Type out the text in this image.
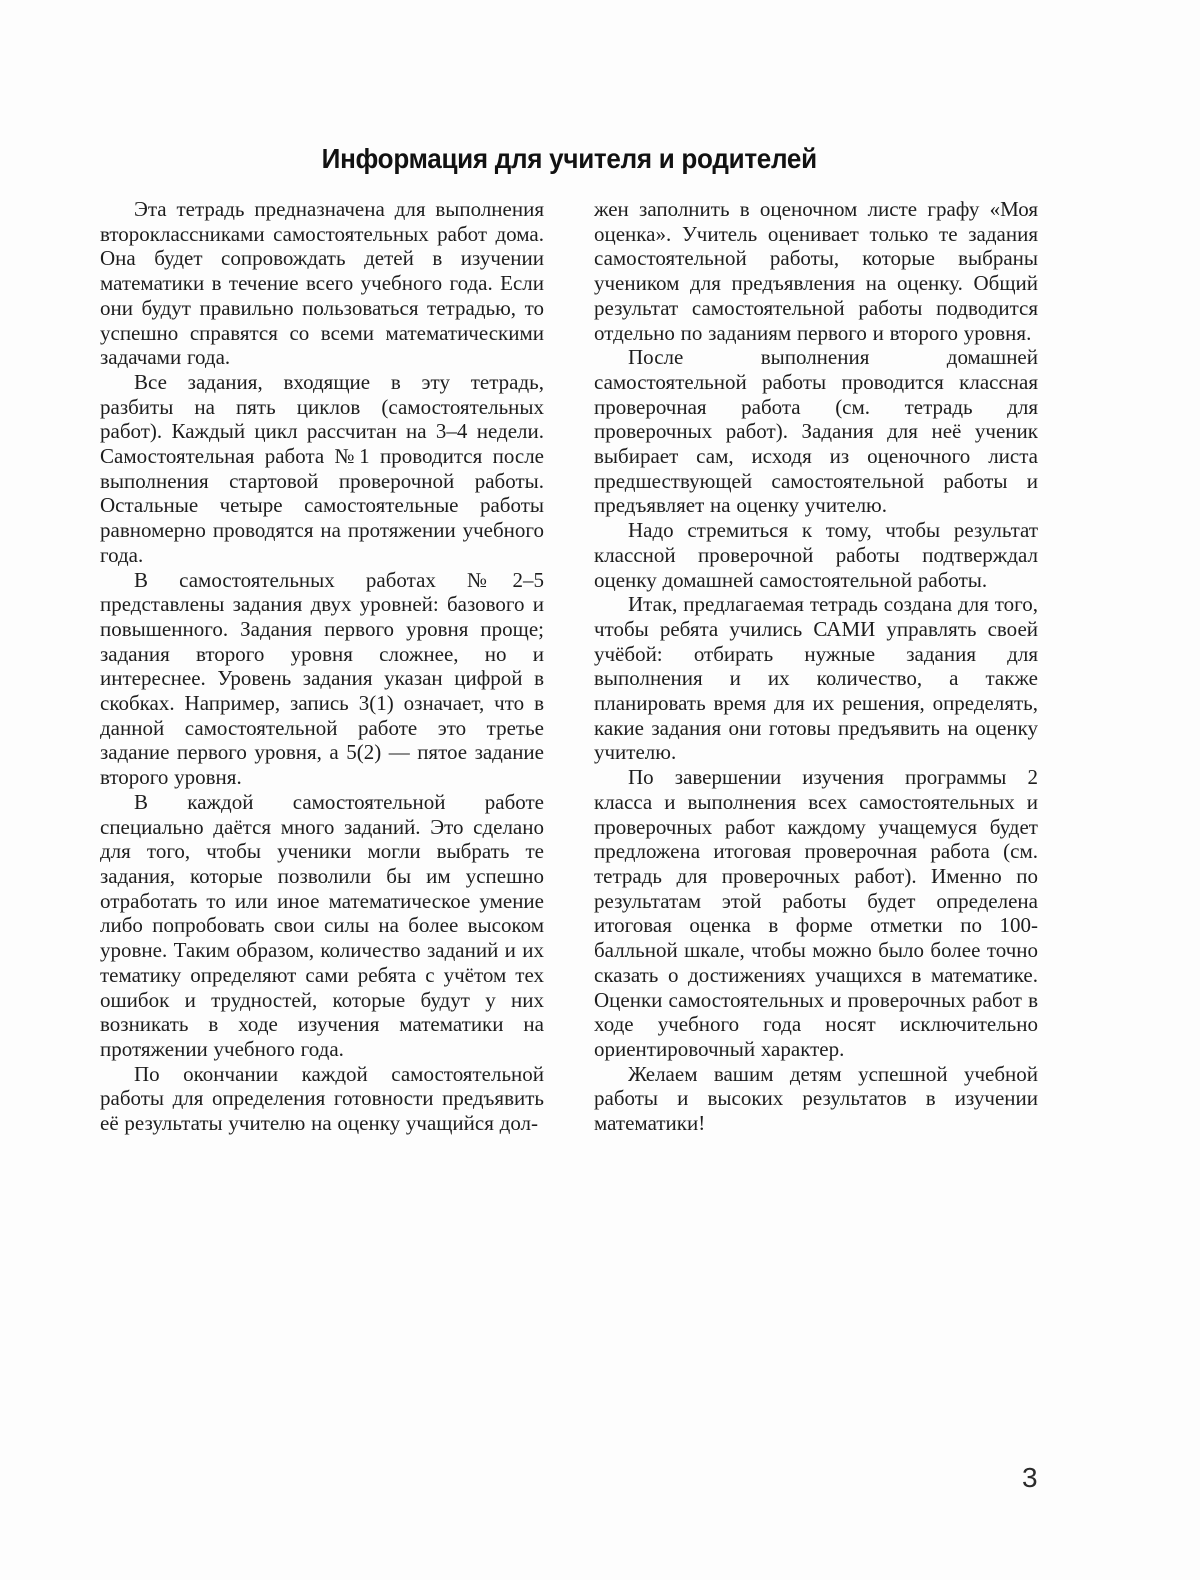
Информация для учителя и родителей

Эта тетрадь предназначена для выполнения второклассниками самостоятельных работ дома. Она будет сопровождать детей в изучении математики в течение всего учебного года. Если они будут правильно пользоваться тетрадью, то успешно справятся со всеми математическими задачами года.

Все задания, входящие в эту тетрадь, разбиты на пять циклов (самостоятельных работ). Каждый цикл рассчитан на 3–4 недели. Самостоятельная работа №1 проводится после выполнения стартовой проверочной работы. Остальные четыре самостоятельные работы равномерно проводятся на протяжении учебного года.

В самостоятельных работах №2–5 представлены задания двух уровней: базового и повышенного. Задания первого уровня проще; задания второго уровня сложнее, но и интереснее. Уровень задания указан цифрой в скобках. Например, запись 3(1) означает, что в данной самостоятельной работе это третье задание первого уровня, а 5(2) — пятое задание второго уровня.

В каждой самостоятельной работе специально даётся много заданий. Это сделано для того, чтобы ученики могли выбрать те задания, которые позволили бы им успешно отработать то или иное математическое умение либо попробовать свои силы на более высоком уровне. Таким образом, количество заданий и их тематику определяют сами ребята с учётом тех ошибок и трудностей, которые будут у них возникать в ходе изучения математики на протяжении учебного года.

По окончании каждой самостоятельной работы для определения готовности предъявить её результаты учителю на оценку учащийся дол-

жен заполнить в оценочном листе графу «Моя оценка». Учитель оценивает только те задания самостоятельной работы, которые выбраны учеником для предъявления на оценку. Общий результат самостоятельной работы подводится отдельно по заданиям первого и второго уровня.

После выполнения домашней самостоятельной работы проводится классная проверочная работа (см. тетрадь для проверочных работ). Задания для неё ученик выбирает сам, исходя из оценочного листа предшествующей самостоятельной работы и предъявляет на оценку учителю.

Надо стремиться к тому, чтобы результат классной проверочной работы подтверждал оценку домашней самостоятельной работы.

Итак, предлагаемая тетрадь создана для того, чтобы ребята учились САМИ управлять своей учёбой: отбирать нужные задания для выполнения и их количество, а также планировать время для их решения, определять, какие задания они готовы предъявить на оценку учителю.

По завершении изучения программы 2 класса и выполнения всех самостоятельных и проверочных работ каждому учащемуся будет предложена итоговая проверочная работа (см. тетрадь для проверочных работ). Именно по результатам этой работы будет определена итоговая оценка в форме отметки по 100-балльной шкале, чтобы можно было более точно сказать о достижениях учащихся в математике. Оценки самостоятельных и проверочных работ в ходе учебного года носят исключительно ориентировочный характер.

Желаем вашим детям успешной учебной работы и высоких результатов в изучении математики!

3
